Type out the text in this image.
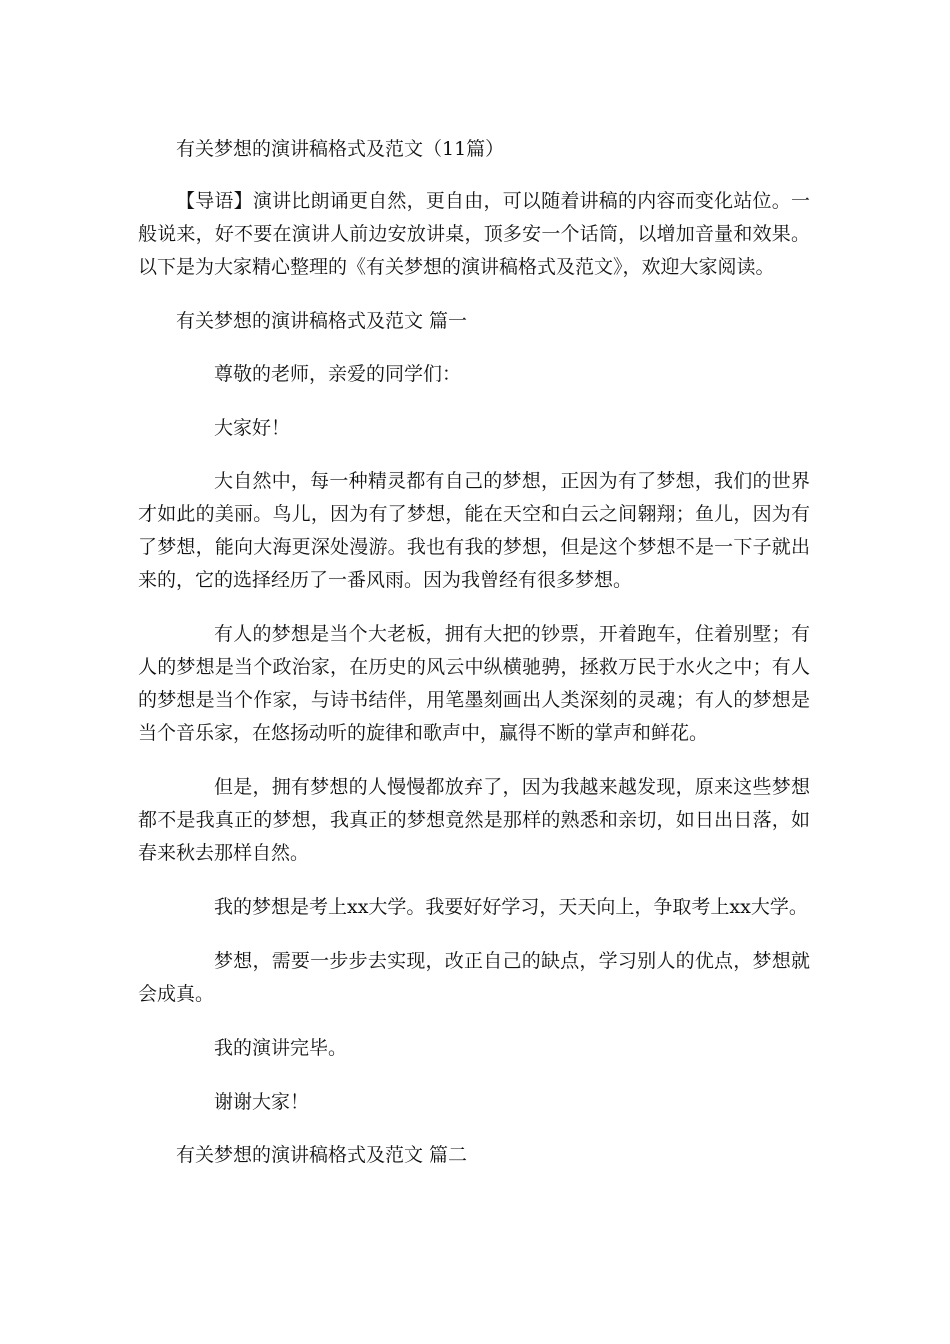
有关梦想的演讲稿格式及范文（11篇）

【导语】演讲比朗诵更自然，更自由，可以随着讲稿的内容而变化站位。一般说来，好不要在演讲人前边安放讲桌，顶多安一个话筒，以增加音量和效果。以下是为大家精心整理的《有关梦想的演讲稿格式及范文》，欢迎大家阅读。

有关梦想的演讲稿格式及范文 篇一

尊敬的老师，亲爱的同学们：

大家好！

大自然中，每一种精灵都有自己的梦想，正因为有了梦想，我们的世界才如此的美丽。鸟儿，因为有了梦想，能在天空和白云之间翱翔；鱼儿，因为有了梦想，能向大海更深处漫游。我也有我的梦想，但是这个梦想不是一下子就出来的，它的选择经历了一番风雨。因为我曾经有很多梦想。

有人的梦想是当个大老板，拥有大把的钞票，开着跑车，住着别墅；有人的梦想是当个政治家，在历史的风云中纵横驰骋，拯救万民于水火之中；有人的梦想是当个作家，与诗书结伴，用笔墨刻画出人类深刻的灵魂；有人的梦想是当个音乐家，在悠扬动听的旋律和歌声中，赢得不断的掌声和鲜花。

但是，拥有梦想的人慢慢都放弃了，因为我越来越发现，原来这些梦想都不是我真正的梦想，我真正的梦想竟然是那样的熟悉和亲切，如日出日落，如春来秋去那样自然。

我的梦想是考上xx大学。我要好好学习，天天向上，争取考上xx大学。

梦想，需要一步步去实现，改正自己的缺点，学习别人的优点，梦想就会成真。

我的演讲完毕。

谢谢大家！

有关梦想的演讲稿格式及范文 篇二
